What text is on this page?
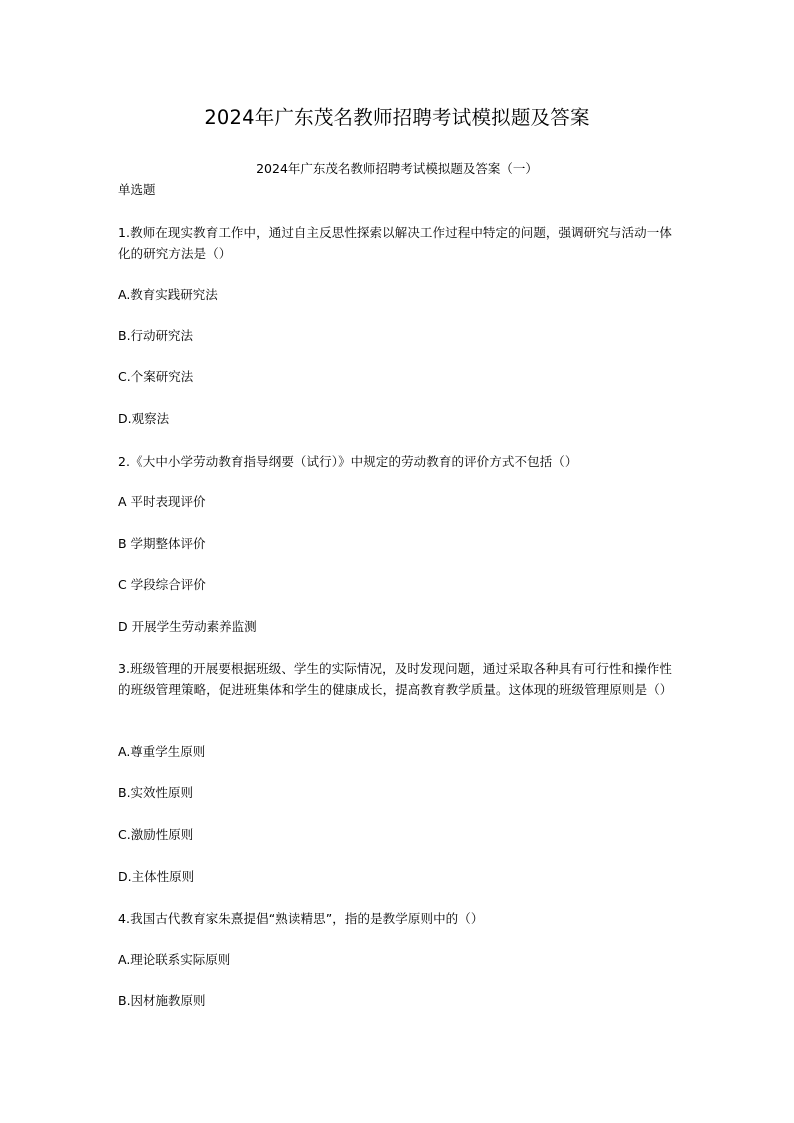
2024年广东茂名教师招聘考试模拟题及答案
2024年广东茂名教师招聘考试模拟题及答案（一）
单选题
1.教师在现实教育工作中，通过自主反思性探索以解决工作过程中特定的问题，强调研究与活动一体化的研究方法是（）
A.教育实践研究法
B.行动研究法
C.个案研究法
D.观察法
2.《大中小学劳动教育指导纲要（试行）》中规定的劳动教育的评价方式不包括（）
A 平时表现评价
B 学期整体评价
C 学段综合评价
D 开展学生劳动素养监测
3.班级管理的开展要根据班级、学生的实际情况，及时发现问题，通过采取各种具有可行性和操作性的班级管理策略，促进班集体和学生的健康成长，提高教育教学质量。这体现的班级管理原则是（）
A.尊重学生原则
B.实效性原则
C.激励性原则
D.主体性原则
4.我国古代教育家朱熹提倡“熟读精思”，指的是教学原则中的（）
A.理论联系实际原则
B.因材施教原则
